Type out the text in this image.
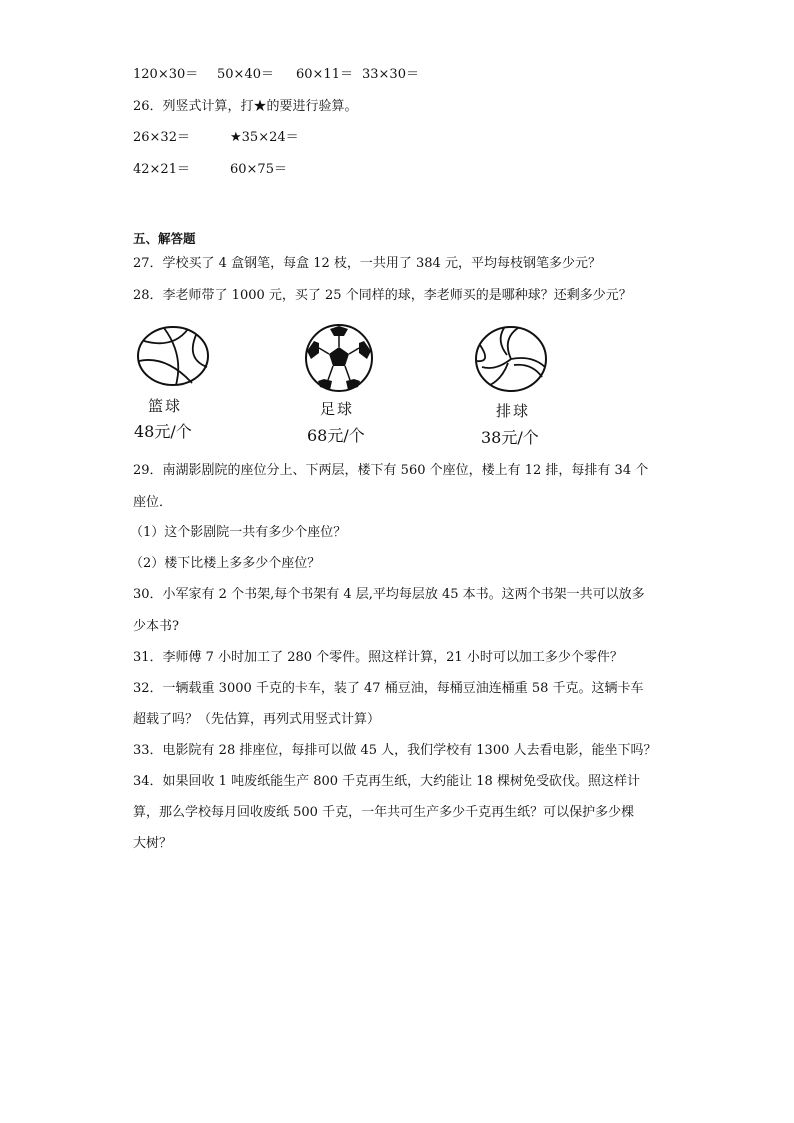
120×30＝ 50×40＝ 60×11＝ 33×30＝
26．列竖式计算，打★的要进行验算。
26×32＝	★35×24＝
42×21＝	60×75＝
五、解答题
27．学校买了 4 盒钢笔，每盒 12 枝，一共用了 384 元，平均每枝钢笔多少元？
28．李老师带了 1000 元，买了 25 个同样的球，李老师买的是哪种球？还剩多少元？
篮球
48元/个
足球
68元/个
排球
38元/个
29．南湖影剧院的座位分上、下两层，楼下有 560 个座位，楼上有 12 排，每排有 34 个
座位．
（1）这个影剧院一共有多少个座位？
（2）楼下比楼上多多少个座位？
30．小军家有 2 个书架,每个书架有 4 层,平均每层放 45 本书。这两个书架一共可以放多
少本书?
31．李师傅 7 小时加工了 280 个零件。照这样计算，21 小时可以加工多少个零件？
32．一辆载重 3000 千克的卡车，装了 47 桶豆油，每桶豆油连桶重 58 千克。这辆卡车
超载了吗？（先估算，再列式用竖式计算）
33．电影院有 28 排座位，每排可以做 45 人，我们学校有 1300 人去看电影，能坐下吗？
34．如果回收 1 吨废纸能生产 800 千克再生纸，大约能让 18 棵树免受砍伐。照这样计
算，那么学校每月回收废纸 500 千克，一年共可生产多少千克再生纸？可以保护多少棵
大树？
